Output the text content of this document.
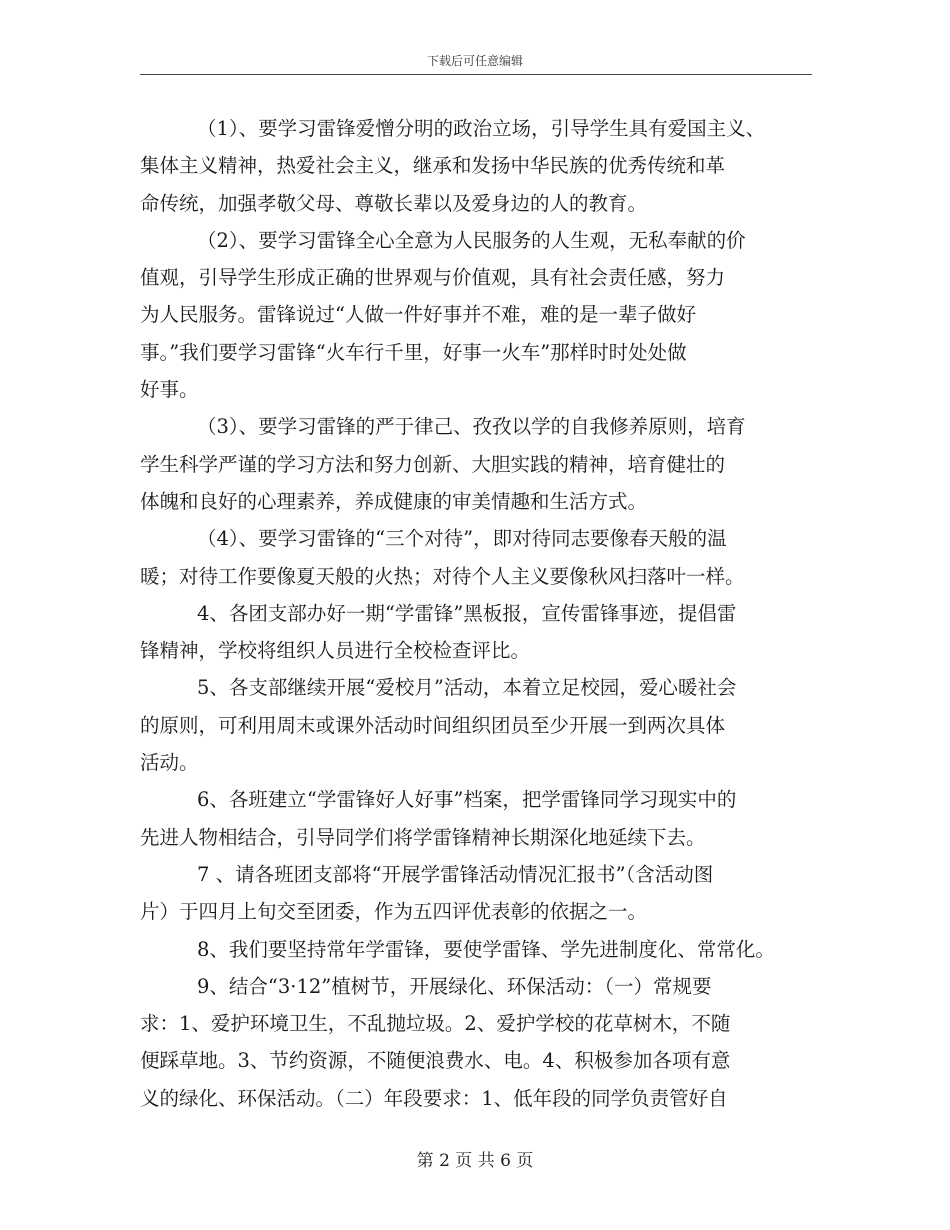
下载后可任意编辑
（1）、要学习雷锋爱憎分明的政治立场，引导学生具有爱国主义、
集体主义精神，热爱社会主义，继承和发扬中华民族的优秀传统和革
命传统，加强孝敬父母、尊敬长辈以及爱身边的人的教育。
（2）、要学习雷锋全心全意为人民服务的人生观，无私奉献的价
值观，引导学生形成正确的世界观与价值观，具有社会责任感，努力
为人民服务。雷锋说过“人做一件好事并不难，难的是一辈子做好
事。”我们要学习雷锋“火车行千里，好事一火车”那样时时处处做
好事。
（3）、要学习雷锋的严于律己、孜孜以学的自我修养原则，培育
学生科学严谨的学习方法和努力创新、大胆实践的精神，培育健壮的
体魄和良好的心理素养，养成健康的审美情趣和生活方式。
（4）、要学习雷锋的“三个对待”，即对待同志要像春天般的温
暖；对待工作要像夏天般的火热；对待个人主义要像秋风扫落叶一样。
4、各团支部办好一期“学雷锋”黑板报，宣传雷锋事迹，提倡雷
锋精神，学校将组织人员进行全校检查评比。
5、各支部继续开展“爱校月”活动，本着立足校园，爱心暖社会
的原则，可利用周末或课外活动时间组织团员至少开展一到两次具体
活动。
6、各班建立“学雷锋好人好事”档案，把学雷锋同学习现实中的
先进人物相结合，引导同学们将学雷锋精神长期深化地延续下去。
7 、请各班团支部将“开展学雷锋活动情况汇报书”（含活动图
片）于四月上旬交至团委，作为五四评优表彰的依据之一。
8、我们要坚持常年学雷锋，要使学雷锋、学先进制度化、常常化。
9、结合“3·12”植树节，开展绿化、环保活动：（一）常规要
求：1、爱护环境卫生，不乱抛垃圾。2、爱护学校的花草树木，不随
便踩草地。3、节约资源，不随便浪费水、电。4、积极参加各项有意
义的绿化、环保活动。（二）年段要求：1、低年段的同学负责管好自
第 2 页 共 6 页
